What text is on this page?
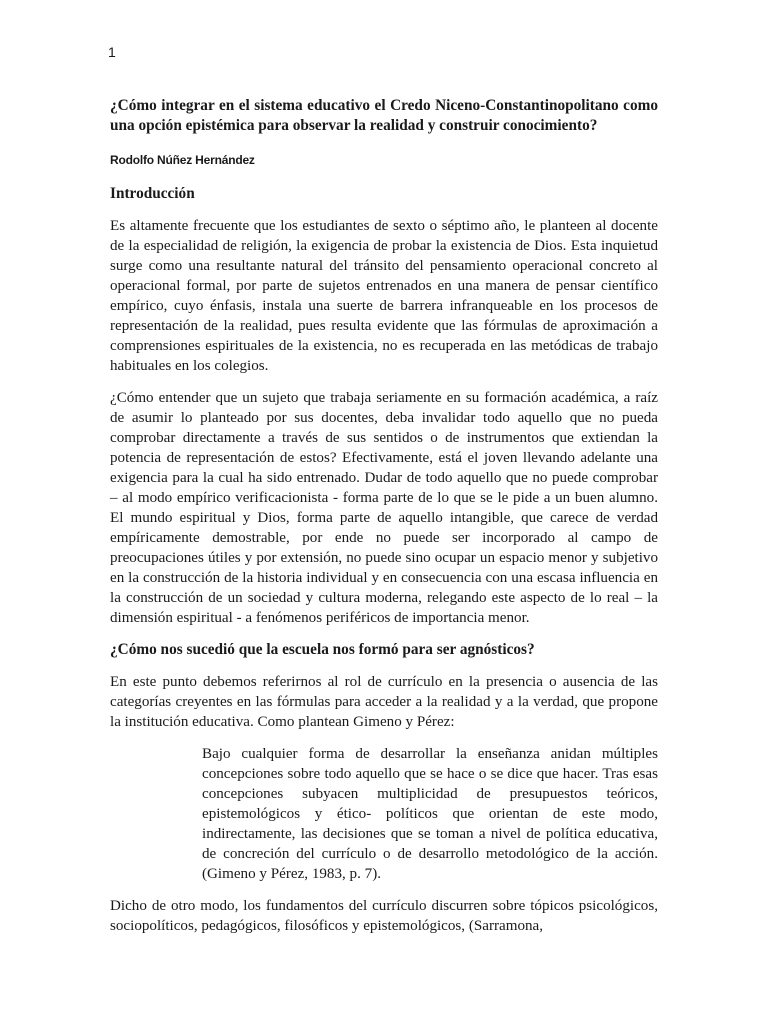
1

¿Cómo integrar en el sistema educativo el Credo Niceno-Constantinopolitano como una opción epistémica para observar la realidad y construir conocimiento?

Rodolfo Núñez Hernández

Introducción

Es altamente frecuente que los estudiantes de sexto o séptimo año, le planteen al docente de la especialidad de religión, la exigencia de probar la existencia de Dios. Esta inquietud surge como una resultante natural del tránsito del pensamiento operacional concreto al operacional formal, por parte de sujetos entrenados en una manera de pensar científico empírico, cuyo énfasis, instala una suerte de barrera infranqueable en los procesos de representación de la realidad, pues resulta evidente que las fórmulas de aproximación a comprensiones espirituales de la existencia, no es recuperada en las metódicas de trabajo habituales en los colegios.

¿Cómo entender que un sujeto que trabaja seriamente en su formación académica, a raíz de asumir lo planteado por sus docentes, deba invalidar todo aquello que no pueda comprobar directamente a través de sus sentidos o de instrumentos que extiendan la potencia de representación de estos? Efectivamente, está el joven llevando adelante una exigencia para la cual ha sido entrenado. Dudar de todo aquello que no puede comprobar – al modo empírico verificacionista - forma parte de lo que se le pide a un buen alumno. El mundo espiritual y Dios, forma parte de aquello intangible, que carece de verdad empíricamente demostrable, por ende no puede ser incorporado al campo de preocupaciones útiles y por extensión, no puede sino ocupar un espacio menor y subjetivo en la construcción de la historia individual y en consecuencia con una escasa influencia en la construcción de un sociedad y cultura moderna, relegando este aspecto de lo real – la dimensión espiritual - a fenómenos periféricos de importancia menor.

¿Cómo nos sucedió que la escuela nos formó para ser agnósticos?

En este punto debemos referirnos al rol de currículo en la presencia o ausencia de las categorías creyentes en las fórmulas para acceder a la realidad y a la verdad, que propone la institución educativa. Como plantean Gimeno y Pérez:

Bajo cualquier forma de desarrollar la enseñanza anidan múltiples concepciones sobre todo aquello que se hace o se dice que hacer. Tras esas concepciones subyacen multiplicidad de presupuestos teóricos, epistemológicos y ético- políticos que orientan de este modo, indirectamente, las decisiones que se toman a nivel de política educativa, de concreción del currículo o de desarrollo metodológico de la acción. (Gimeno y Pérez, 1983, p. 7).

Dicho de otro modo, los fundamentos del currículo discurren sobre tópicos psicológicos, sociopolíticos, pedagógicos, filosóficos y epistemológicos, (Sarramona,
